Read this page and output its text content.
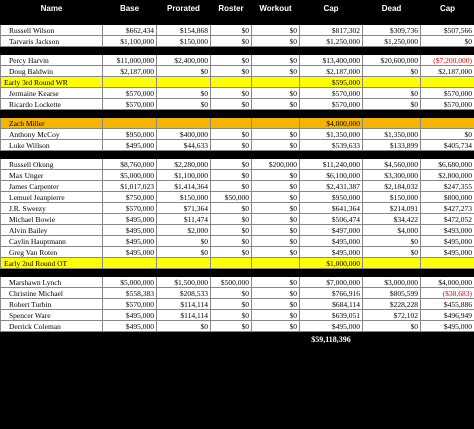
Name	Base	Prorated	Roster	Workout	Cap	Dead	Cap

Russell Wilson	$662,434	$154,868	$0	$0	$817,302	$309,736	$507,566
Tarvaris Jackson	$1,100,000	$150,000	$0	$0	$1,250,000	$1,250,000	$0

Percy Harvin	$11,000,000	$2,400,000	$0	$0	$13,400,000	$20,600,000	($7,200,000)
Doug Baldwin	$2,187,000	$0	$0	$0	$2,187,000	$0	$2,187,000
Early 3rd Round WR					$595,000		
Jermaine Kearse	$570,000	$0	$0	$0	$570,000	$0	$570,000
Ricardo Lockette	$570,000	$0	$0	$0	$570,000	$0	$570,000

Zach Miller					$4,000,000		
Anthony McCoy	$950,000	$400,000	$0	$0	$1,350,000	$1,350,000	$0
Luke Willson	$495,000	$44,633	$0	$0	$539,633	$133,899	$405,734

Russell Okung	$8,760,000	$2,280,000	$0	$200,000	$11,240,000	$4,560,000	$6,680,000
Max Unger	$5,000,000	$1,100,000	$0	$0	$6,100,000	$3,300,000	$2,800,000
James Carpenter	$1,017,023	$1,414,364	$0	$0	$2,431,387	$2,184,032	$247,355
Lemuel Jeanpierre	$750,000	$150,000	$50,000	$0	$950,000	$150,000	$800,000
J.R. Sweezy	$570,000	$71,364	$0	$0	$641,364	$214,091	$427,273
Michael Bowie	$495,000	$11,474	$0	$0	$506,474	$34,422	$472,052
Alvin Bailey	$495,000	$2,000	$0	$0	$497,000	$4,000	$493,000
Caylin Hauptmann	$495,000	$0	$0	$0	$495,000	$0	$495,000
Greg Van Roten	$495,000	$0	$0	$0	$495,000	$0	$495,000
Early 2nd Round OT					$1,000,000		

Marshawn Lynch	$5,000,000	$1,500,000	$500,000	$0	$7,000,000	$3,000,000	$4,000,000
Christine Michael	$558,383	$208,533	$0	$0	$766,916	$805,599	($38,683)
Robert Turbin	$570,000	$114,114	$0	$0	$684,114	$228,228	$455,886
Spencer Ware	$495,000	$114,114	$0	$0	$639,051	$72,102	$496,949
Derrick Coleman	$495,000	$0	$0	$0	$495,000	$0	$495,000
					$59,118,396		
